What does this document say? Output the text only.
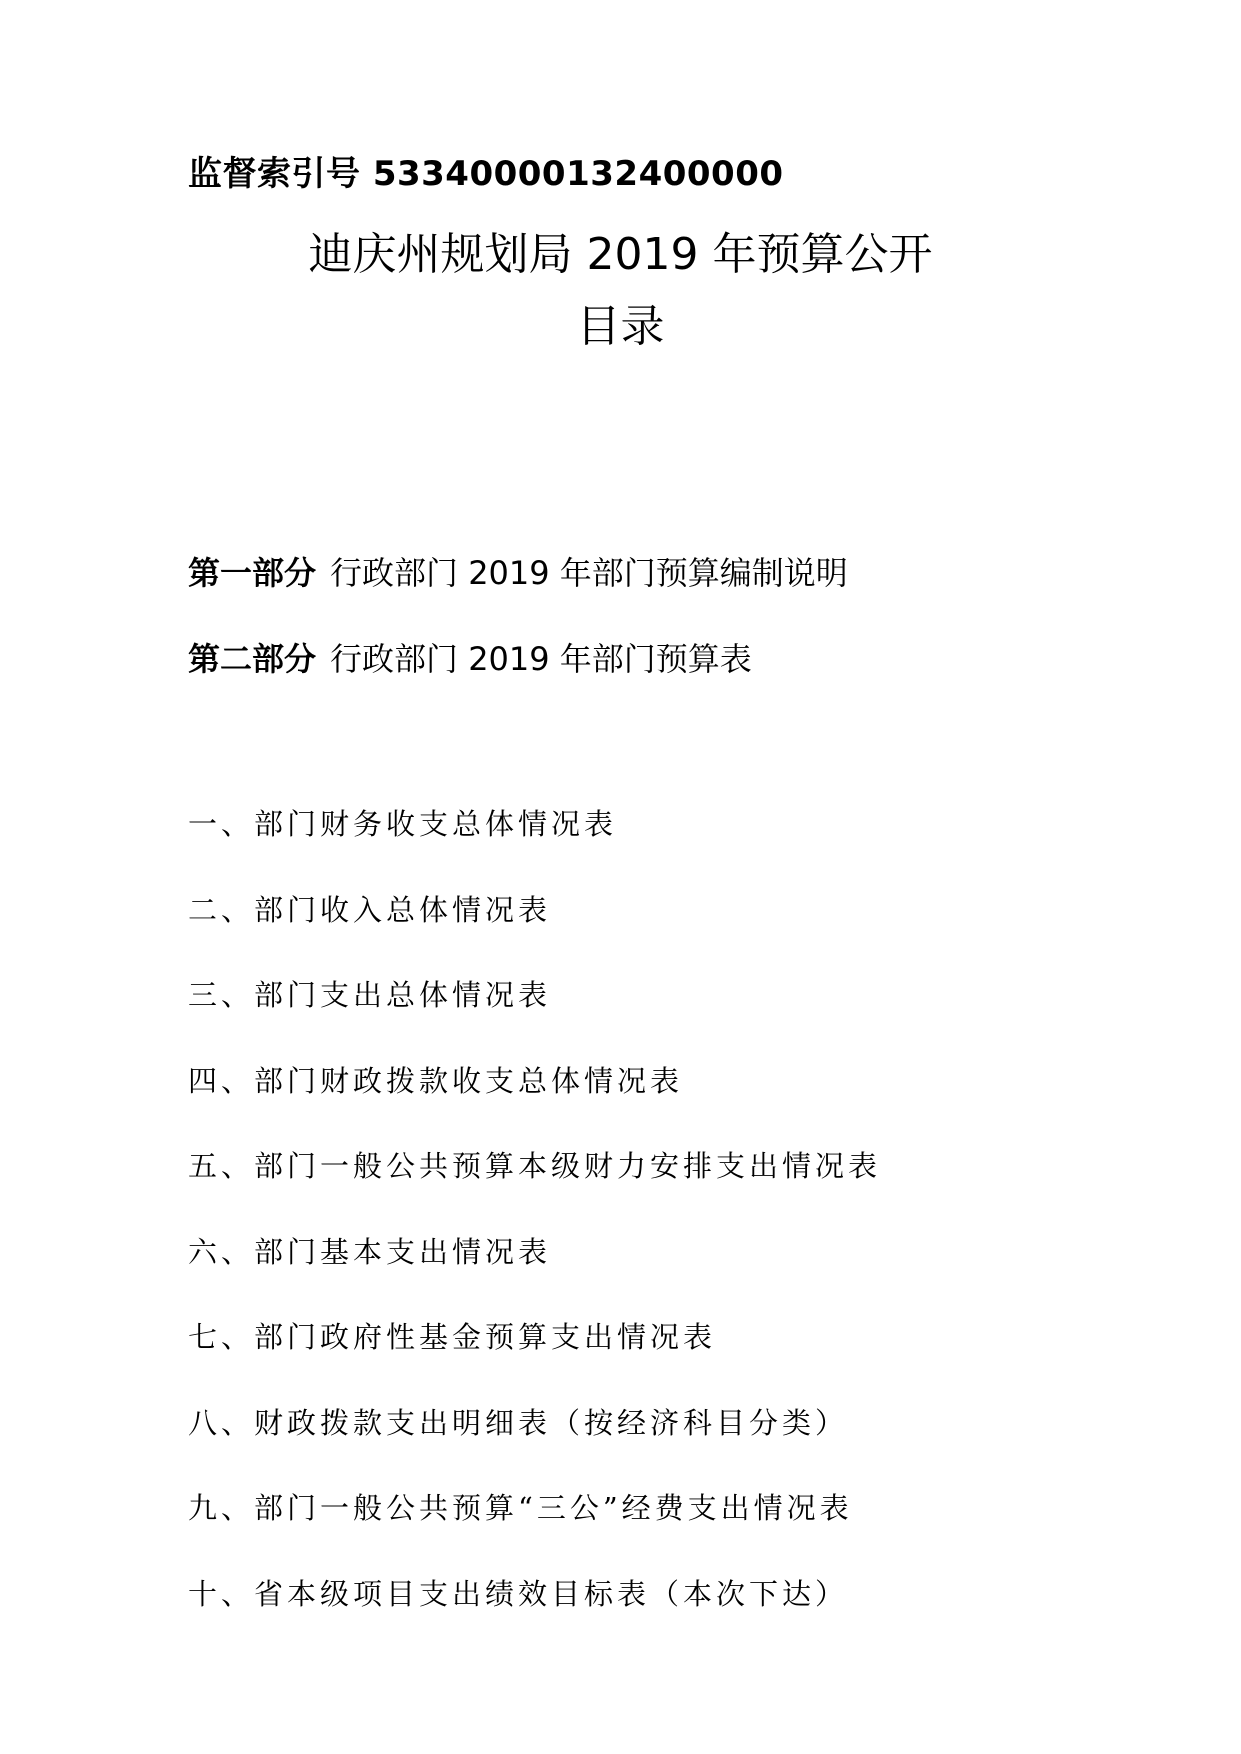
监督索引号 53340000132400000
迪庆州规划局 2019 年预算公开
目录
第一部分 行政部门 2019 年部门预算编制说明
第二部分 行政部门 2019 年部门预算表
一、部门财务收支总体情况表
二、部门收入总体情况表
三、部门支出总体情况表
四、部门财政拨款收支总体情况表
五、部门一般公共预算本级财力安排支出情况表
六、部门基本支出情况表
七、部门政府性基金预算支出情况表
八、财政拨款支出明细表（按经济科目分类）
九、部门一般公共预算“三公”经费支出情况表
十、省本级项目支出绩效目标表（本次下达）
